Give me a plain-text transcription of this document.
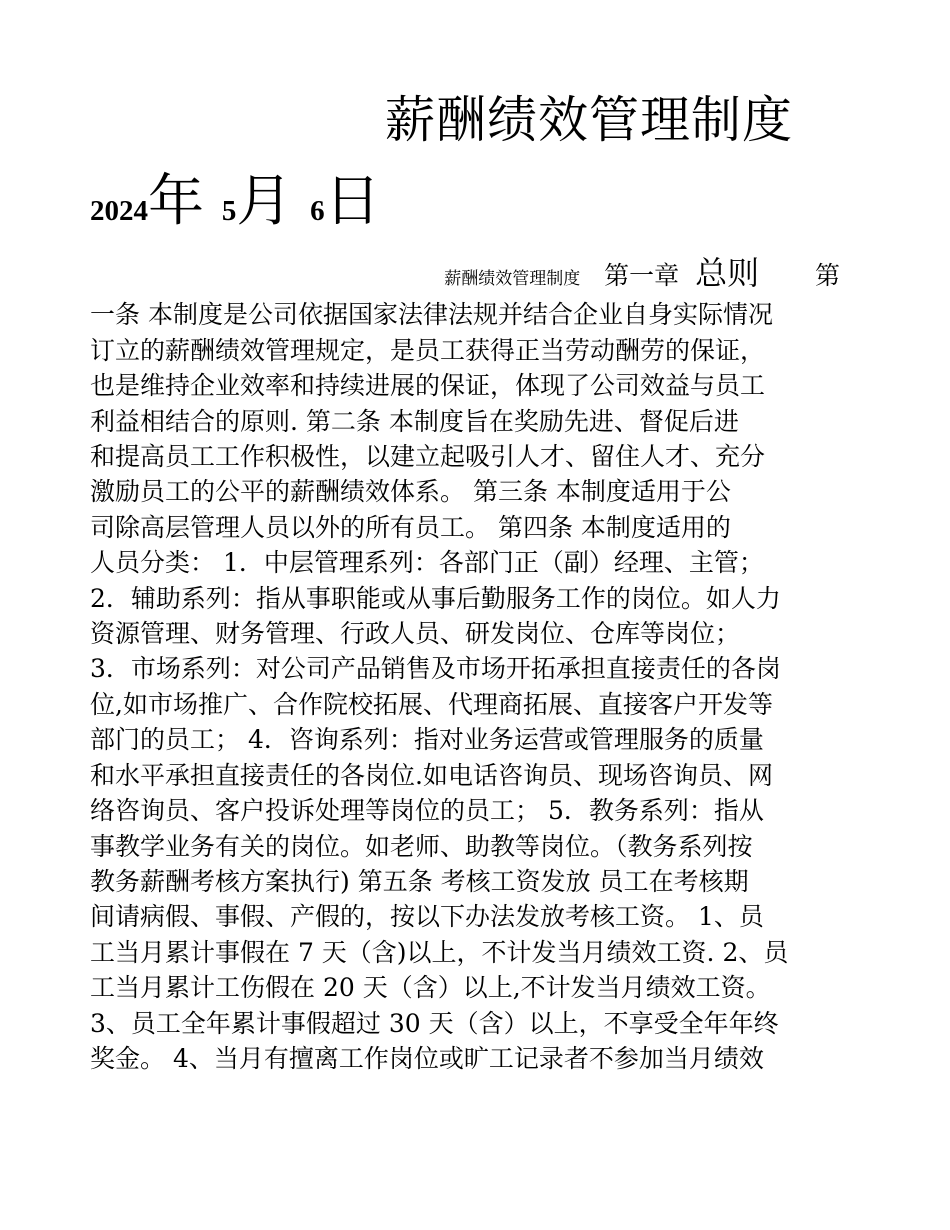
薪酬绩效管理制度
2024年 5月 6日
薪酬绩效管理制度 第一章 总则 第
一条 本制度是公司依据国家法律法规并结合企业自身实际情况
订立的薪酬绩效管理规定，是员工获得正当劳动酬劳的保证，
也是维持企业效率和持续进展的保证，体现了公司效益与员工
利益相结合的原则. 第二条 本制度旨在奖励先进、督促后进
和提高员工工作积极性，以建立起吸引人才、留住人才、充分
激励员工的公平的薪酬绩效体系。 第三条 本制度适用于公
司除高层管理人员以外的所有员工。 第四条 本制度适用的
人员分类： 1．中层管理系列：各部门正（副）经理、主管；
2．辅助系列：指从事职能或从事后勤服务工作的岗位。如人力
资源管理、财务管理、行政人员、研发岗位、仓库等岗位；
3．市场系列：对公司产品销售及市场开拓承担直接责任的各岗
位,如市场推广、合作院校拓展、代理商拓展、直接客户开发等
部门的员工； 4．咨询系列：指对业务运营或管理服务的质量
和水平承担直接责任的各岗位.如电话咨询员、现场咨询员、网
络咨询员、客户投诉处理等岗位的员工； 5．教务系列：指从
事教学业务有关的岗位。如老师、助教等岗位。（教务系列按
教务薪酬考核方案执行) 第五条 考核工资发放 员工在考核期
间请病假、事假、产假的，按以下办法发放考核工资。 1、员
工当月累计事假在 7 天（含)以上，不计发当月绩效工资. 2、员
工当月累计工伤假在 20 天（含）以上,不计发当月绩效工资。
3、员工全年累计事假超过 30 天（含）以上，不享受全年年终
奖金。 4、当月有擅离工作岗位或旷工记录者不参加当月绩效
